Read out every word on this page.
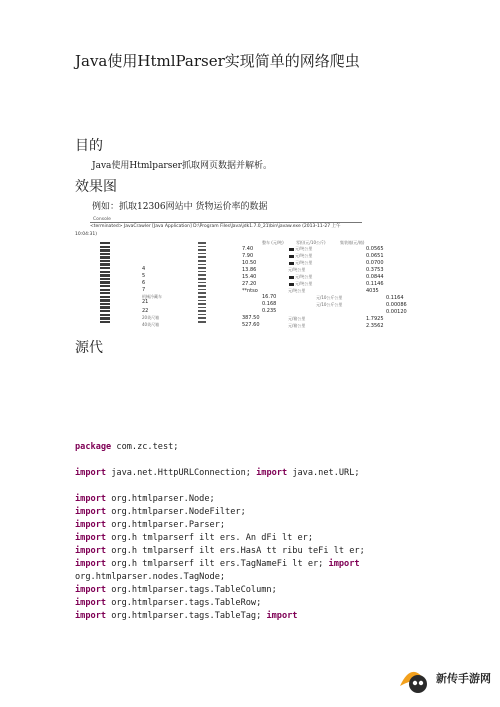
Java使用HtmlParser实现简单的网络爬虫
目的
Java使用Htmlparser抓取网页数据并解析。
效果图
例如：抓取12306网站中 货物运价率的数据
Console

<terminated> JavaCrawler [Java Application] D:\Program Files\Java\jdk1.7.0_21\bin\javaw.exe (2013-11-27 上午
10:04:31)
4
5
6
7
机械冷藏车
21
22
20英尺箱
40英尺箱
整车 (元/吨)	零担(元/10公斤)	集装箱(元/箱)
7.40
7.90
10.50
13.86
15.40
27.20
**ntso
16.70
0.168
0.235
387.50
527.60
元/吨公里
元/吨公里
元/吨公里
元/吨公里
元/吨公里
元/吨公里
元/吨公里
元/10公斤公里
元/10公斤公里
元/箱公里
元/箱公里
0.0565
0.0651
0.0700
0.3753
0.0844
0.1146
4035
0.1164
0.00086
0.00120
1.7925
2.3562
源代
package com.zc.test;
import java.net.HttpURLConnection; import java.net.URL;
import org.htmlparser.Node;
import org.htmlparser.NodeFilter;
import org.htmlparser.Parser;
import org.h tmlparserf ilt ers. An dFi lt er;
import org.h tmlparserf ilt ers.HasA tt ribu teFi lt er;
import org.h tmlparserf ilt ers.TagNameFi lt er; import
org.htmlparser.nodes.TagNode;
import org.htmlparser.tags.TableColumn;
import org.htmlparser.tags.TableRow;
import org.htmlparser.tags.TableTag; import
新传手游网
